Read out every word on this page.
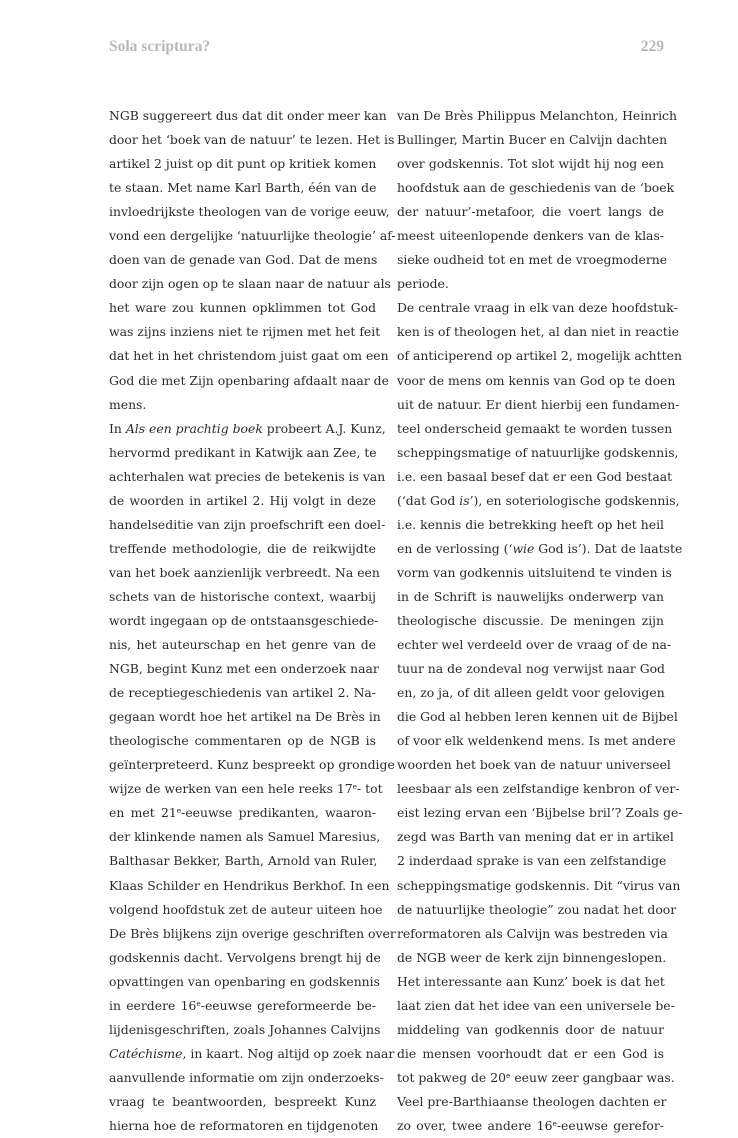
Sola scriptura?	229
NGB suggereert dus dat dit onder meer kan
door het ‘boek van de natuur’ te lezen. Het is
artikel 2 juist op dit punt op kritiek komen
te staan. Met name Karl Barth, één van de
invloedrijkste theologen van de vorige eeuw,
vond een dergelijke ‘natuurlijke theologie’ af-
doen van de genade van God. Dat de mens
door zijn ogen op te slaan naar de natuur als
het ware zou kunnen opklimmen tot God
was zijns inziens niet te rijmen met het feit
dat het in het christendom juist gaat om een
God die met Zijn openbaring afdaalt naar de
mens.
In Als een prachtig boek probeert A.J. Kunz,
hervormd predikant in Katwijk aan Zee, te
achterhalen wat precies de betekenis is van
de woorden in artikel 2. Hij volgt in deze
handelseditie van zijn proefschrift een doel-
treffende methodologie, die de reikwijdte
van het boek aanzienlijk verbreedt. Na een
schets van de historische context, waarbij
wordt ingegaan op de ontstaansgeschiede-
nis, het auteurschap en het genre van de
NGB, begint Kunz met een onderzoek naar
de receptiegeschiedenis van artikel 2. Na-
gegaan wordt hoe het artikel na De Brès in
theologische commentaren op de NGB is
geïnterpreteerd. Kunz bespreekt op grondige
wijze de werken van een hele reeks 17e- tot
en met 21e-eeuwse predikanten, waaron-
der klinkende namen als Samuel Maresius,
Balthasar Bekker, Barth, Arnold van Ruler,
Klaas Schilder en Hendrikus Berkhof. In een
volgend hoofdstuk zet de auteur uiteen hoe
De Brès blijkens zijn overige geschriften over
godskennis dacht. Vervolgens brengt hij de
opvattingen van openbaring en godskennis
in eerdere 16e-eeuwse gereformeerde be-
lijdenisgeschriften, zoals Johannes Calvijns
Catéchisme, in kaart. Nog altijd op zoek naar
aanvullende informatie om zijn onderzoeks-
vraag te beantwoorden, bespreekt Kunz
hierna hoe de reformatoren en tijdgenoten
van De Brès Philippus Melanchton, Heinrich
Bullinger, Martin Bucer en Calvijn dachten
over godskennis. Tot slot wijdt hij nog een
hoofdstuk aan de geschiedenis van de ‘boek
der natuur’-metafoor, die voert langs de
meest uiteenlopende denkers van de klas-
sieke oudheid tot en met de vroegmoderne
periode.
De centrale vraag in elk van deze hoofdstuk-
ken is of theologen het, al dan niet in reactie
of anticiperend op artikel 2, mogelijk achtten
voor de mens om kennis van God op te doen
uit de natuur. Er dient hierbij een fundamen-
teel onderscheid gemaakt te worden tussen
scheppingsmatige of natuurlijke godskennis,
i.e. een basaal besef dat er een God bestaat
(‘dat God is’), en soteriologische godskennis,
i.e. kennis die betrekking heeft op het heil
en de verlossing (‘wie God is’). Dat de laatste
vorm van godkennis uitsluitend te vinden is
in de Schrift is nauwelijks onderwerp van
theologische discussie. De meningen zijn
echter wel verdeeld over de vraag of de na-
tuur na de zondeval nog verwijst naar God
en, zo ja, of dit alleen geldt voor gelovigen
die God al hebben leren kennen uit de Bijbel
of voor elk weldenkend mens. Is met andere
woorden het boek van de natuur universeel
leesbaar als een zelfstandige kenbron of ver-
eist lezing ervan een ‘Bijbelse bril’? Zoals ge-
zegd was Barth van mening dat er in artikel
2 inderdaad sprake is van een zelfstandige
scheppingsmatige godskennis. Dit “virus van
de natuurlijke theologie” zou nadat het door
reformatoren als Calvijn was bestreden via
de NGB weer de kerk zijn binnengeslopen.
Het interessante aan Kunz’ boek is dat het
laat zien dat het idee van een universele be-
middeling van godkennis door de natuur
die mensen voorhoudt dat er een God is
tot pakweg de 20e eeuw zeer gangbaar was.
Veel pre-Barthiaanse theologen dachten er
zo over, twee andere 16e-eeuwse gerefor-
